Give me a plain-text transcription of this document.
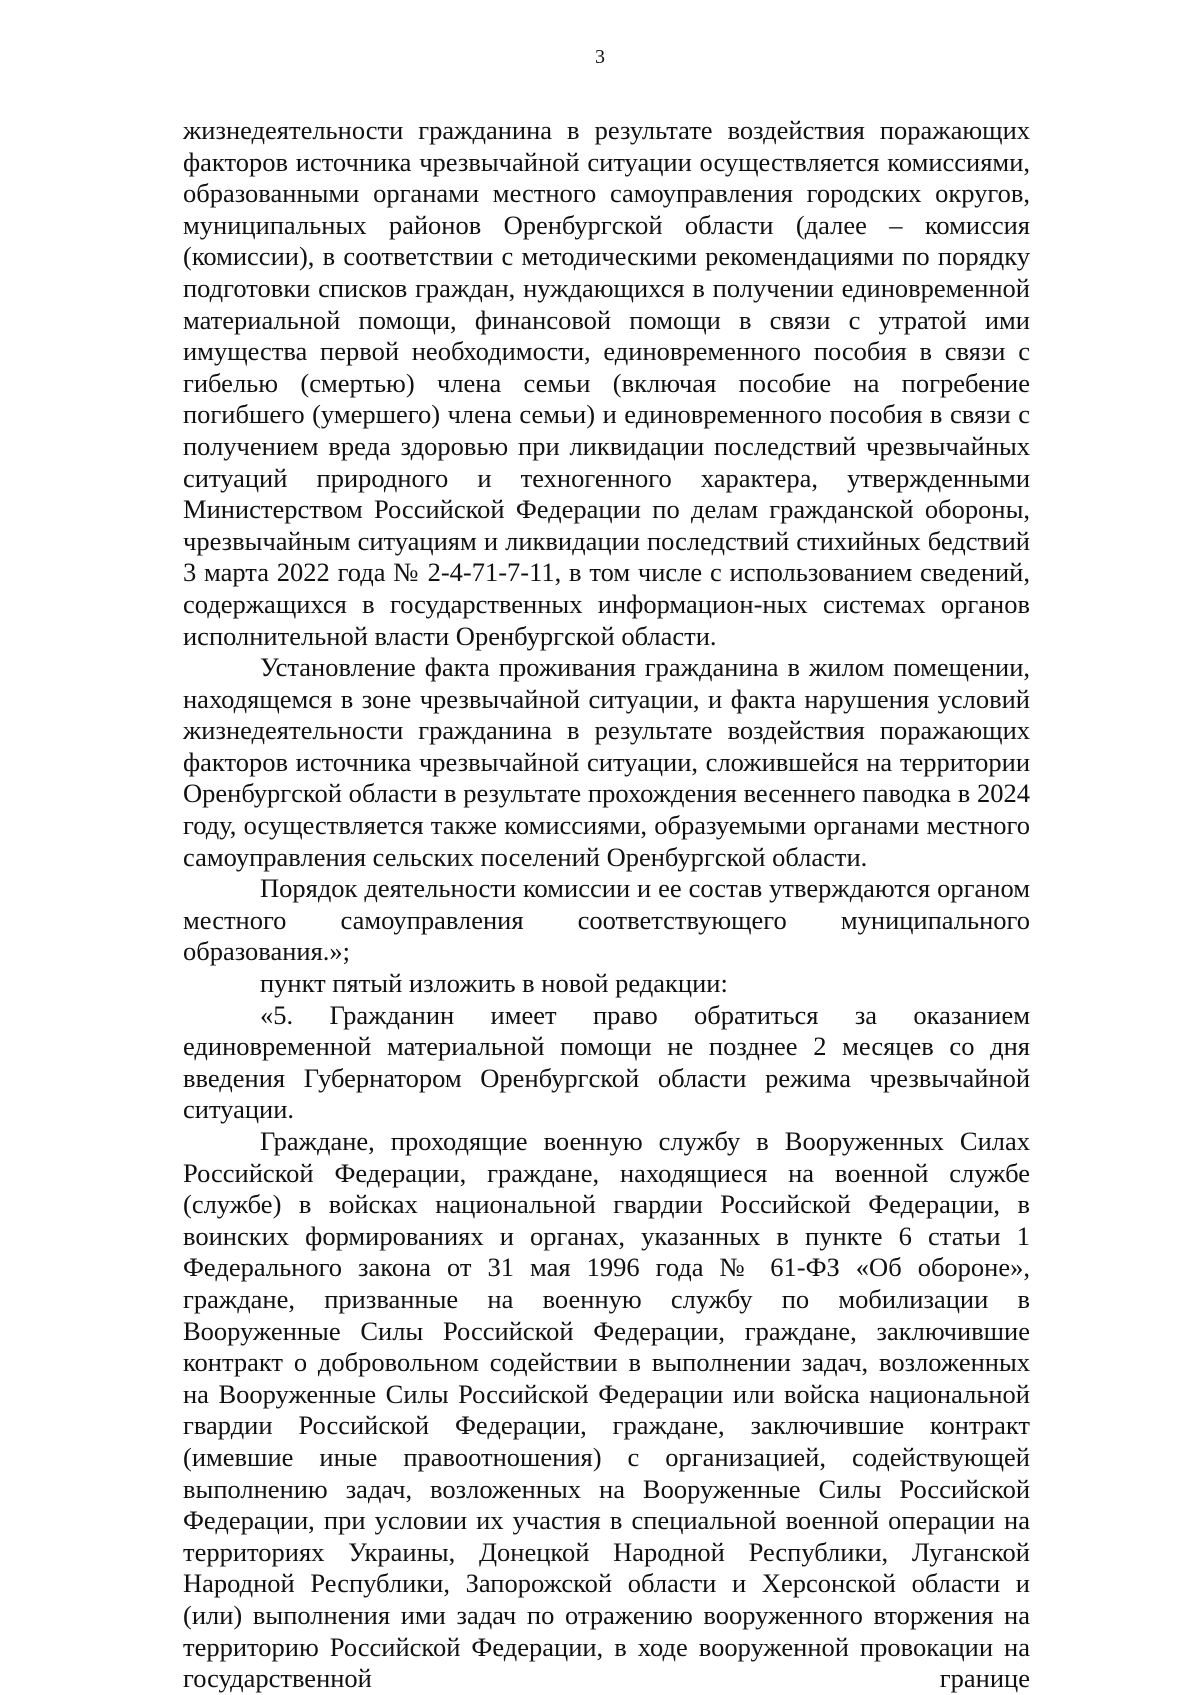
3

жизнедеятельности гражданина в результате воздействия поражающих факторов источника чрезвычайной ситуации осуществляется комиссиями, образованными органами местного самоуправления городских округов, муниципальных районов Оренбургской области (далее – комиссия (комиссии), в соответствии с методическими рекомендациями по порядку подготовки списков граждан, нуждающихся в получении единовременной материальной помощи, финансовой помощи в связи с утратой ими имущества первой необходимости, единовременного пособия в связи с гибелью (смертью) члена семьи (включая пособие на погребение погибшего (умершего) члена семьи) и единовременного пособия в связи с получением вреда здоровью при ликвидации последствий чрезвычайных ситуаций природного и техногенного характера, утвержденными Министерством Российской Федерации по делам гражданской обороны, чрезвычайным ситуациям и ликвидации последствий стихийных бедствий 3 марта 2022 года № 2-4-71-7-11, в том числе с использованием сведений, содержащихся в государственных информацион-ных системах органов исполнительной власти Оренбургской области.

Установление факта проживания гражданина в жилом помещении, находящемся в зоне чрезвычайной ситуации, и факта нарушения условий жизнедеятельности гражданина в результате воздействия поражающих факторов источника чрезвычайной ситуации, сложившейся на территории Оренбургской области в результате прохождения весеннего паводка в 2024 году, осуществляется также комиссиями, образуемыми органами местного самоуправления сельских поселений Оренбургской области.

Порядок деятельности комиссии и ее состав утверждаются органом местного самоуправления соответствующего муниципального образования.»;

пункт пятый изложить в новой редакции:

«5. Гражданин имеет право обратиться за оказанием единовременной материальной помощи не позднее 2 месяцев со дня введения Губернатором Оренбургской области режима чрезвычайной ситуации.

Граждане, проходящие военную службу в Вооруженных Силах Российской Федерации, граждане, находящиеся на военной службе (службе) в войсках национальной гвардии Российской Федерации, в воинских формированиях и органах, указанных в пункте 6 статьи 1 Федерального закона от 31 мая 1996 года № 61-ФЗ «Об обороне», граждане, призванные на военную службу по мобилизации в Вооруженные Силы Российской Федерации, граждане, заключившие контракт о добровольном содействии в выполнении задач, возложенных на Вооруженные Силы Российской Федерации или войска национальной гвардии Российской Федерации, граждане, заключившие контракт (имевшие иные правоотношения) с организацией, содействующей выполнению задач, возложенных на Вооруженные Силы Российской Федерации, при условии их участия в специальной военной операции на территориях Украины, Донецкой Народной Республики, Луганской Народной Республики, Запорожской области и Херсонской области и (или) выполнения ими задач по отражению вооруженного вторжения на территорию Российской Федерации, в ходе вооруженной провокации на государственной границе
